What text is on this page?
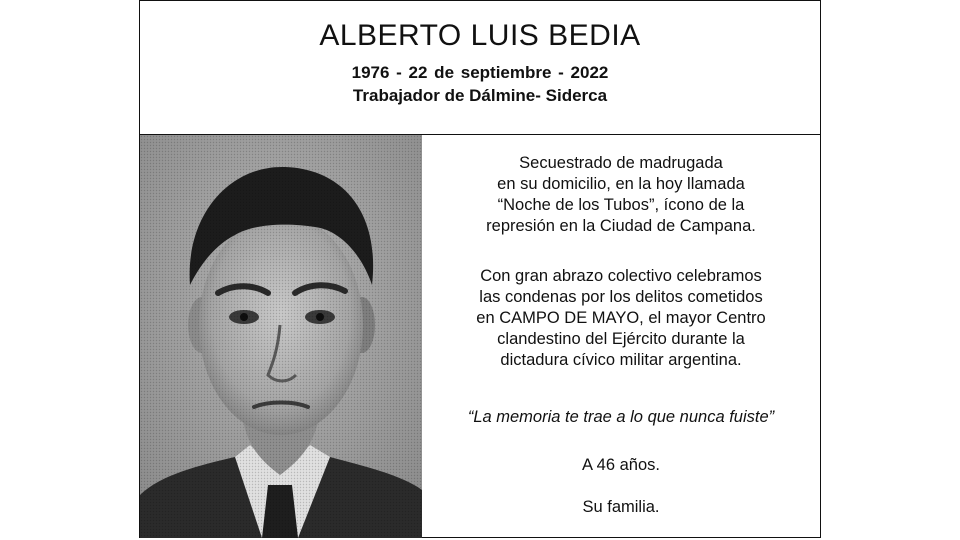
ALBERTO LUIS BEDIA
1976 - 22 de septiembre - 2022
Trabajador de Dálmine- Siderca

Secuestrado de madrugada
en su domicilio, en la hoy llamada
“Noche de los Tubos”, ícono de la
represión en la Ciudad de Campana.

Con gran abrazo colectivo celebramos
las condenas por los delitos cometidos
en CAMPO DE MAYO, el mayor Centro
clandestino del Ejército durante la
dictadura cívico militar argentina.

“La memoria te trae a lo que nunca fuiste”

A 46 años.

Su familia.
